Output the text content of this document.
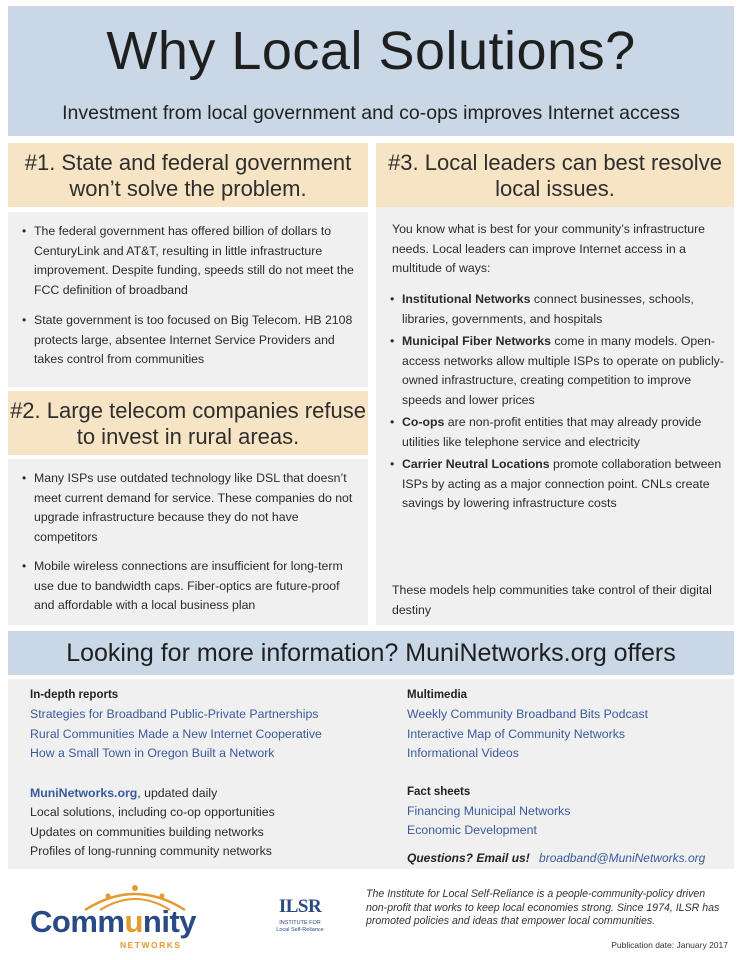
Why Local Solutions?
Investment from local government and co-ops improves Internet access
#1. State and federal government won’t solve the problem.
• The federal government has offered billion of dollars to CenturyLink and AT&T, resulting in little infrastructure improvement. Despite funding, speeds still do not meet the FCC definition of broadband
• State government is too focused on Big Telecom. HB 2108 protects large, absentee Internet Service Providers and takes control from communities
#2. Large telecom companies refuse to invest in rural areas.
• Many ISPs use outdated technology like DSL that doesn’t meet current demand for service. These companies do not upgrade infrastructure because they do not have competitors
• Mobile wireless connections are insufficient for long-term use due to bandwidth caps. Fiber-optics are future-proof and affordable with a local business plan
#3. Local leaders can best resolve local issues.
You know what is best for your community’s infrastructure needs. Local leaders can improve Internet access in a multitude of ways:
• Institutional Networks connect businesses, schools, libraries, governments, and hospitals
• Municipal Fiber Networks come in many models. Open-access networks allow multiple ISPs to operate on publicly-owned infrastructure, creating competition to improve speeds and lower prices
• Co-ops are non-profit entities that may already provide utilities like telephone service and electricity
• Carrier Neutral Locations promote collaboration between ISPs by acting as a major connection point. CNLs create savings by lowering infrastructure costs
These models help communities take control of their digital destiny
Looking for more information? MuniNetworks.org offers
In-depth reports
Strategies for Broadband Public-Private Partnerships
Rural Communities Made a New Internet Cooperative
How a Small Town in Oregon Built a Network
MuniNetworks.org, updated daily
Local solutions, including co-op opportunities
Updates on communities building networks
Profiles of long-running community networks
Multimedia
Weekly Community Broadband Bits Podcast
Interactive Map of Community Networks
Informational Videos
Fact sheets
Financing Municipal Networks
Economic Development
Questions? Email us! broadband@MuniNetworks.org
Community
NETWORKS
ILSR
INSTITUTE FOR Local Self-Reliance
The Institute for Local Self-Reliance is a people-community-policy driven non-profit that works to keep local economies strong. Since 1974, ILSR has promoted policies and ideas that empower local communities.
Publication date: January 2017
